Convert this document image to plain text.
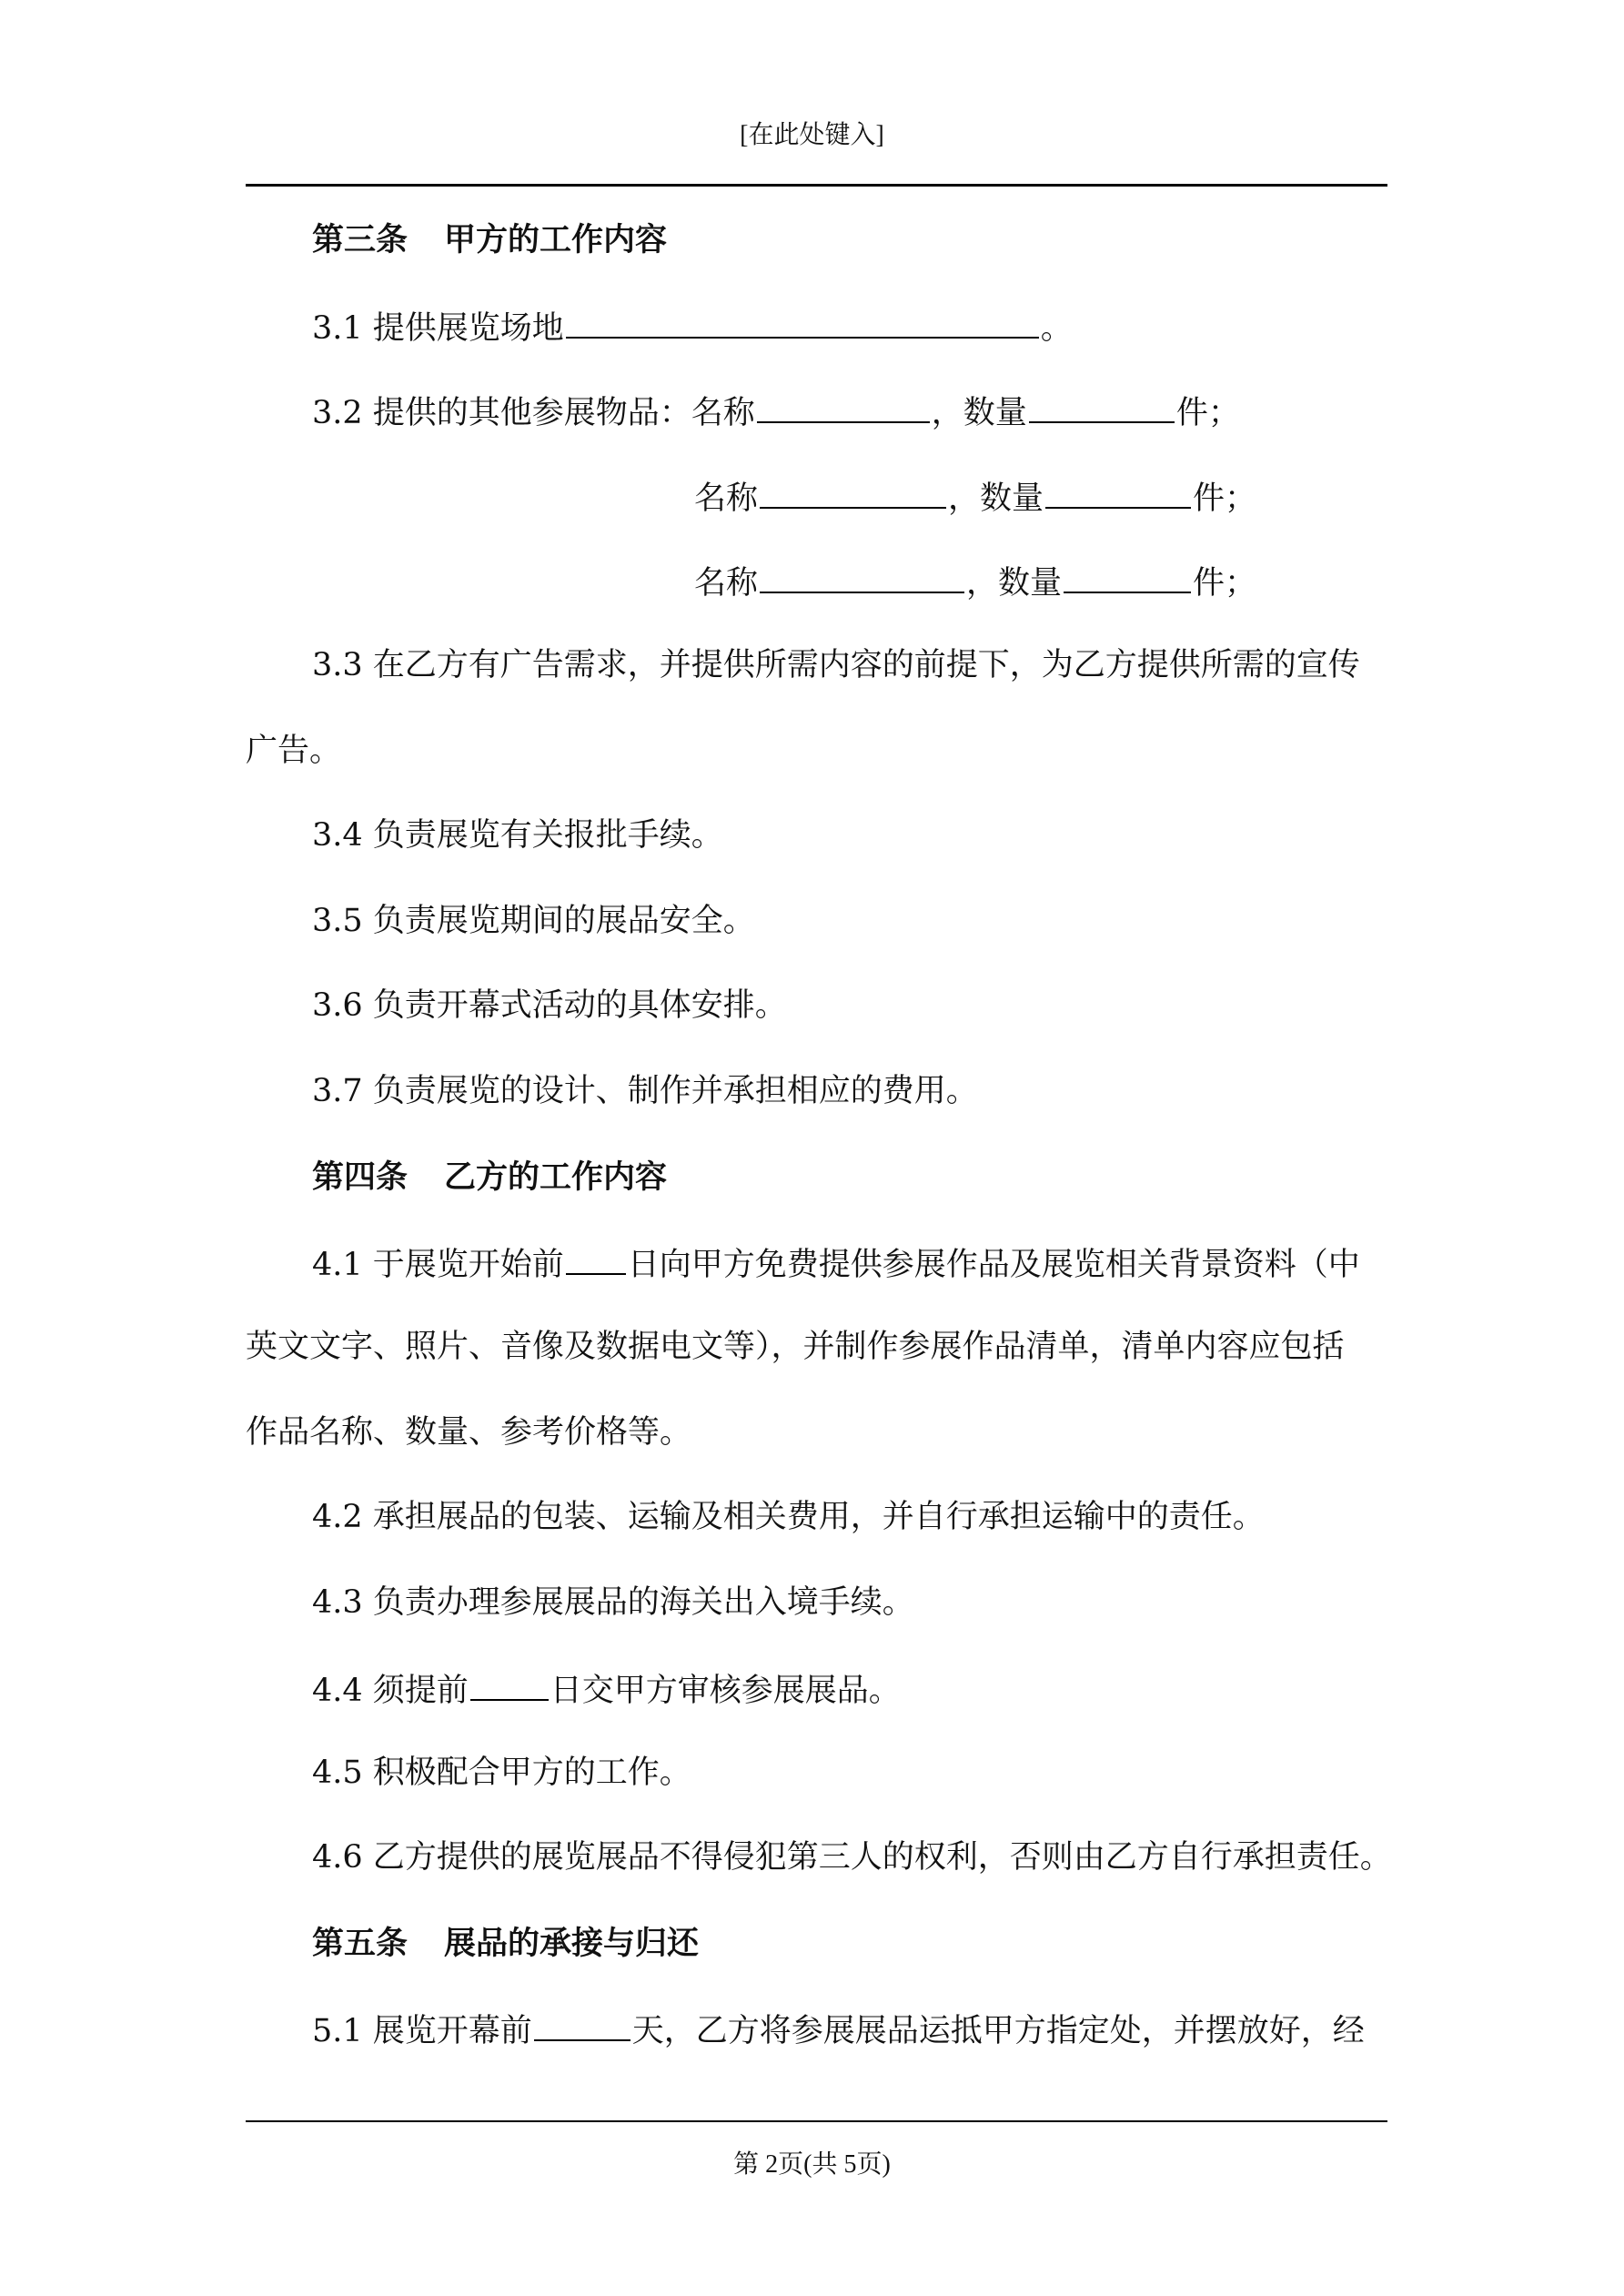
[在此处键入]
第三条 甲方的工作内容
3.1 提供展览场地	。
3.2 提供的其他参展物品：名称	，数量	件；
名称	，数量	件；
名称	，数量	件；
3.3 在乙方有广告需求，并提供所需内容的前提下，为乙方提供所需的宣传
广告。
3.4 负责展览有关报批手续。
3.5 负责展览期间的展品安全。
3.6 负责开幕式活动的具体安排。
3.7 负责展览的设计、制作并承担相应的费用。
第四条 乙方的工作内容
4.1 于展览开始前 日向甲方免费提供参展作品及展览相关背景资料（中
英文文字、照片、音像及数据电文等），并制作参展作品清单，清单内容应包括
作品名称、数量、参考价格等。
4.2 承担展品的包装、运输及相关费用，并自行承担运输中的责任。
4.3 负责办理参展展品的海关出入境手续。
4.4 须提前	日交甲方审核参展展品。
4.5 积极配合甲方的工作。
4.6 乙方提供的展览展品不得侵犯第三人的权利，否则由乙方自行承担责任。
第五条 展品的承接与归还
5.1 展览开幕前	天，乙方将参展展品运抵甲方指定处，并摆放好，经
第 2页(共 5页)
